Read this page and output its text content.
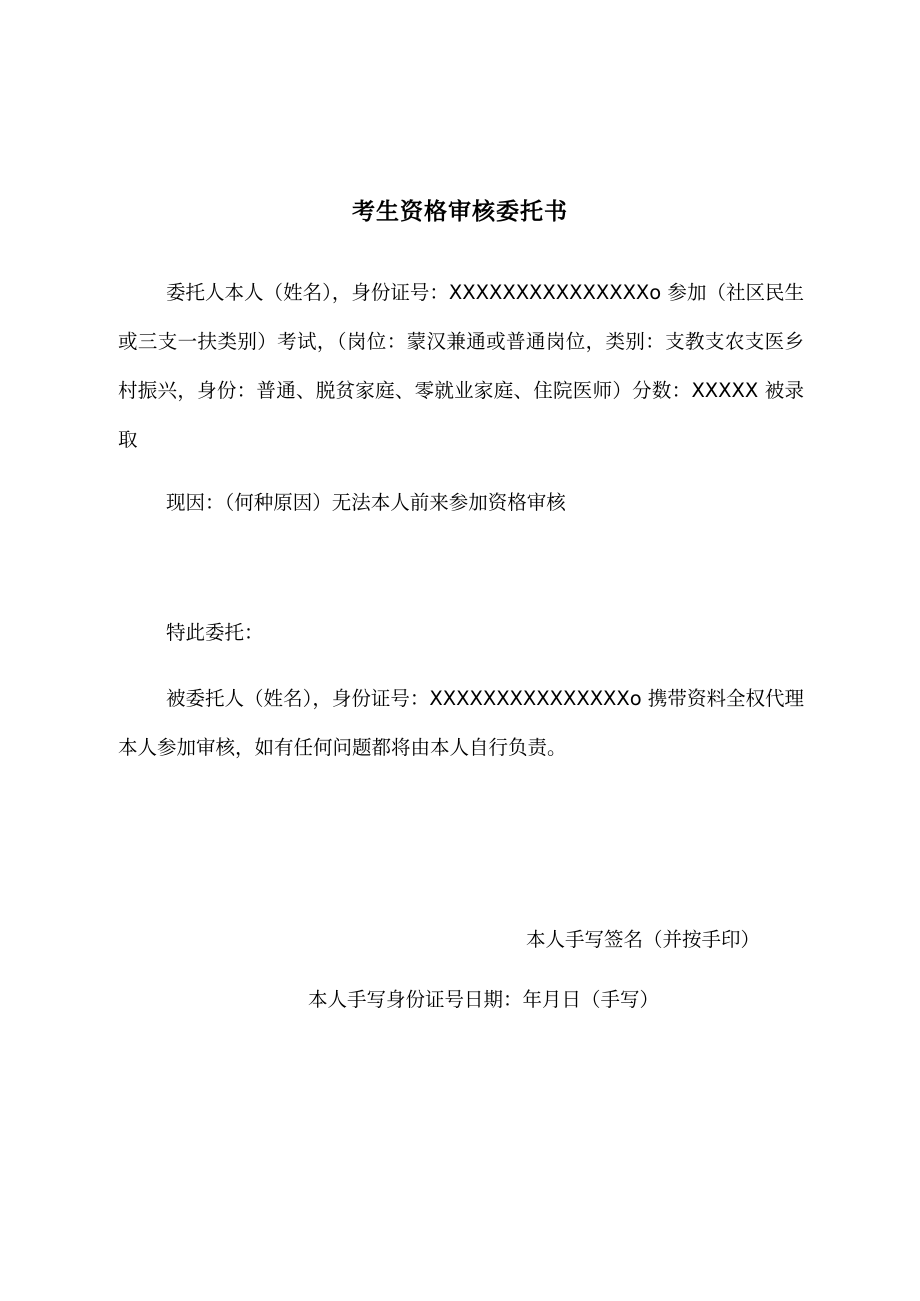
考生资格审核委托书

委托人本人（姓名），身份证号：XXXXXXXXXXXXXXXo 参加（社区民生或三支一扶类别）考试，（岗位：蒙汉兼通或普通岗位，类别：支教支农支医乡村振兴，身份：普通、脱贫家庭、零就业家庭、住院医师）分数：XXXXX 被录取

现因：（何种原因）无法本人前来参加资格审核

特此委托：

被委托人（姓名），身份证号：XXXXXXXXXXXXXXXo 携带资料全权代理本人参加审核，如有任何问题都将由本人自行负责。

本人手写签名（并按手印）
本人手写身份证号日期：年月日（手写）
